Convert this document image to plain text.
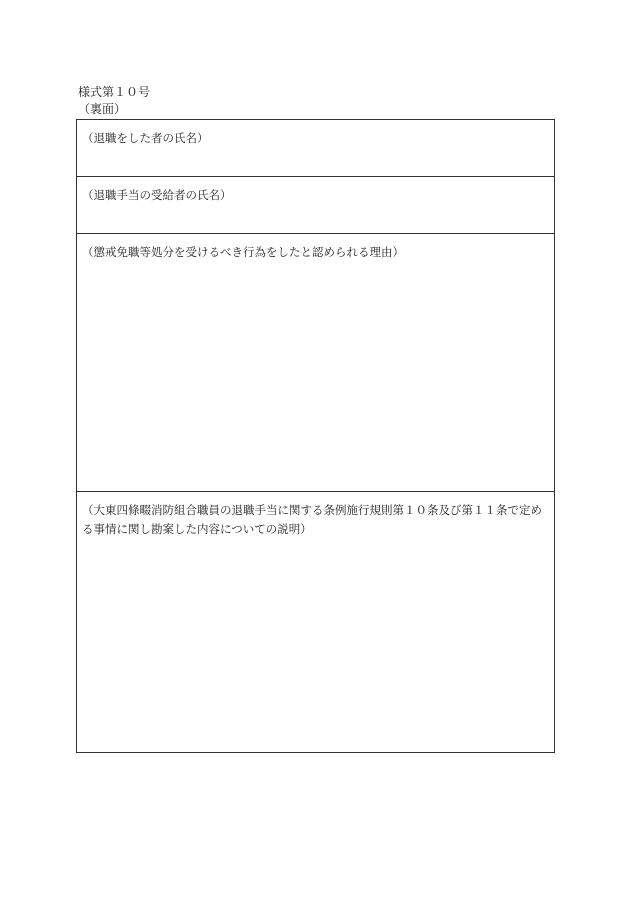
様式第１０号
（裏面）
（退職をした者の氏名）
（退職手当の受給者の氏名）
（懲戒免職等処分を受けるべき行為をしたと認められる理由）
（大東四條畷消防組合職員の退職手当に関する条例施行規則第１０条及び第１１条で定める事情に関し勘案した内容についての説明）
